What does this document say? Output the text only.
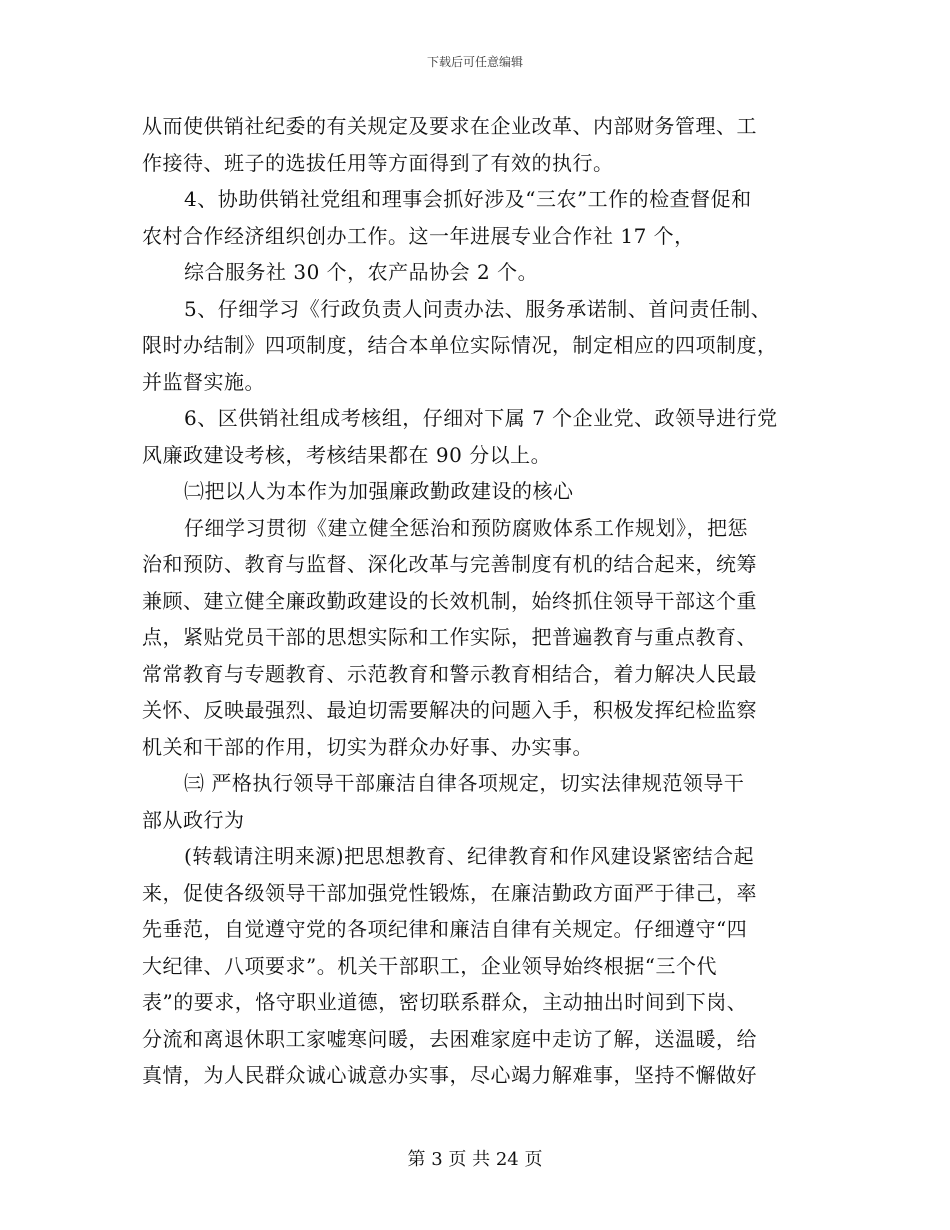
下载后可任意编辑
从而使供销社纪委的有关规定及要求在企业改革、内部财务管理、工
作接待、班子的选拔任用等方面得到了有效的执行。
4、协助供销社党组和理事会抓好涉及“三农”工作的检查督促和
农村合作经济组织创办工作。这一年进展专业合作社 17 个，
综合服务社 30 个，农产品协会 2 个。
5、仔细学习《行政负责人问责办法、服务承诺制、首问责任制、
限时办结制》四项制度，结合本单位实际情况，制定相应的四项制度，
并监督实施。
6、区供销社组成考核组，仔细对下属 7 个企业党、政领导进行党
风廉政建设考核，考核结果都在 90 分以上。
㈡把以人为本作为加强廉政勤政建设的核心
仔细学习贯彻《建立健全惩治和预防腐败体系工作规划》，把惩
治和预防、教育与监督、深化改革与完善制度有机的结合起来，统筹
兼顾、建立健全廉政勤政建设的长效机制，始终抓住领导干部这个重
点，紧贴党员干部的思想实际和工作实际，把普遍教育与重点教育、
常常教育与专题教育、示范教育和警示教育相结合，着力解决人民最
关怀、反映最强烈、最迫切需要解决的问题入手，积极发挥纪检监察
机关和干部的作用，切实为群众办好事、办实事。
㈢ 严格执行领导干部廉洁自律各项规定，切实法律规范领导干
部从政行为
(转载请注明来源)把思想教育、纪律教育和作风建设紧密结合起
来，促使各级领导干部加强党性锻炼，在廉洁勤政方面严于律己，率
先垂范，自觉遵守党的各项纪律和廉洁自律有关规定。仔细遵守“四
大纪律、八项要求”。机关干部职工，企业领导始终根据“三个代
表”的要求，恪守职业道德，密切联系群众，主动抽出时间到下岗、
分流和离退休职工家嘘寒问暖，去困难家庭中走访了解，送温暖，给
真情，为人民群众诚心诚意办实事，尽心竭力解难事，坚持不懈做好
第 3 页 共 24 页
